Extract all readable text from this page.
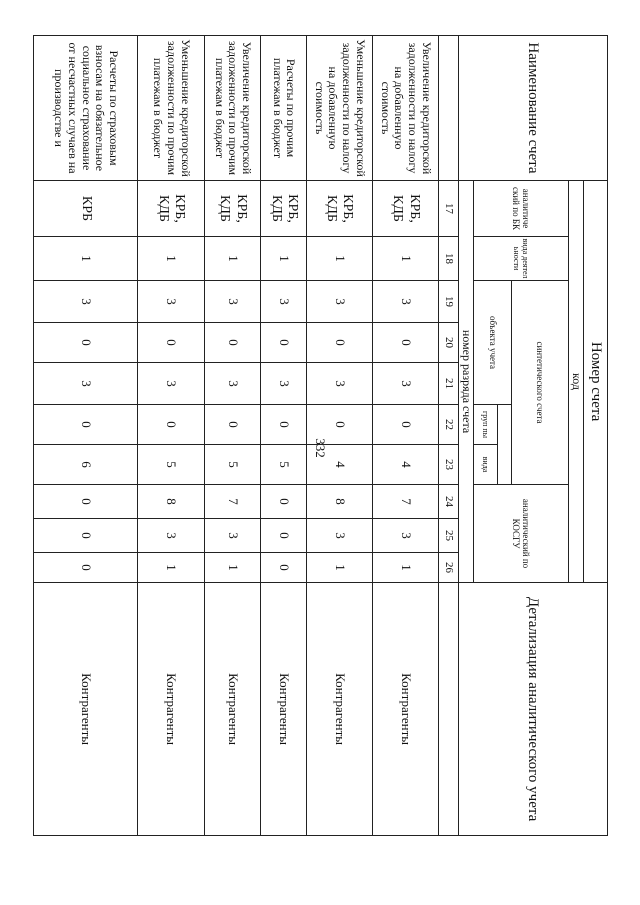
332
Наименование счета	Номер счета										Детализация аналитического учета
	код										
	аналитиче ский по БК	вида деятел ьности	синтетического счета					аналитический по КОСГУ			
			объекта учета								
						груп пы	вида				
	номер разряда счета										
	17	18	19	20	21	22	23	24	25	26	
Увеличение кредиторской задолженности по налогу на добавленную стоимость	КРБ, КДБ	1	3	0	3	0	4	7	3	1	Контрагенты
Уменьшение кредиторской задолженности по налогу на добавленную стоимость	КРБ, КДБ	1	3	0	3	0	4	8	3	1	Контрагенты
Расчеты по прочим платежам в бюджет	КРБ, КДБ	1	3	0	3	0	5	0	0	0	Контрагенты
Увеличение кредиторской задолженности по прочим платежам в бюджет	КРБ, КДБ	1	3	0	3	0	5	7	3	1	Контрагенты
Уменьшение кредиторской задолженности по прочим платежам в бюджет	КРБ, КДБ	1	3	0	3	0	5	8	3	1	Контрагенты
Расчеты по страховым взносам на обязательное социальное страхование от несчастных случаев на производстве и	КРБ	1	3	0	3	0	6	0	0	0	Контрагенты
